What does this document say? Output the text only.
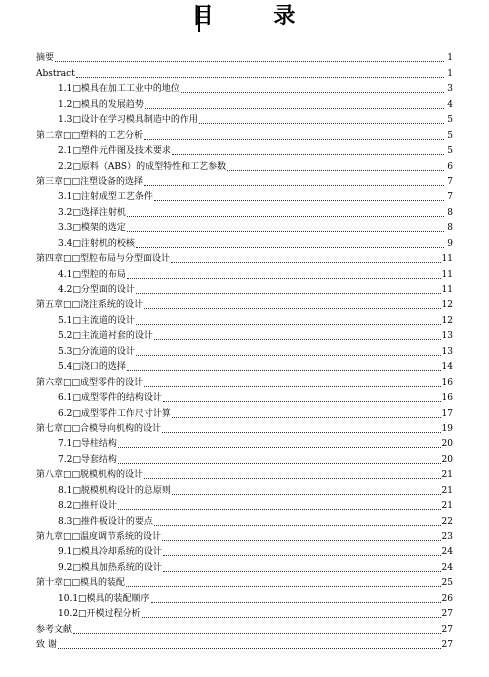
目 录
摘要	1
Abstract	1
1.1□模具在加工工业中的地位	3
1.2□模具的发展趋势	4
1.3□设计在学习模具制造中的作用	5
第二章□□塑料的工艺分析	5
2.1□塑件元件图及技术要求	5
2.2□原料（ABS）的成型特性和工艺参数	6
第三章□□注塑设备的选择	7
3.1□注射成型工艺条件	7
3.2□选择注射机	8
3.3□模架的选定	8
3.4□注射机的校核	9
第四章□□型腔布局与分型面设计	11
4.1□型腔的布局	11
4.2□分型面的设计	11
第五章□□浇注系统的设计	12
5.1□主流道的设计	12
5.2□主流道衬套的设计	13
5.3□分流道的设计	13
5.4□浇口的选择	14
第六章□□成型零件的设计	16
6.1□成型零件的结构设计	16
6.2□成型零件工作尺寸计算	17
第七章□□合模导向机构的设计	19
7.1□导柱结构	20
7.2□导套结构	20
第八章□□脱模机构的设计	21
8.1□脱模机构设计的总原则	21
8.2□推杆设计	21
8.3□推件板设计的要点	22
第九章□□温度调节系统的设计	23
9.1□模具冷却系统的设计	24
9.2□模具加热系统的设计	24
第十章□□模具的装配	25
10.1□模具的装配顺序	26
10.2□开模过程分析	27
参考文献	27
致 谢	27
